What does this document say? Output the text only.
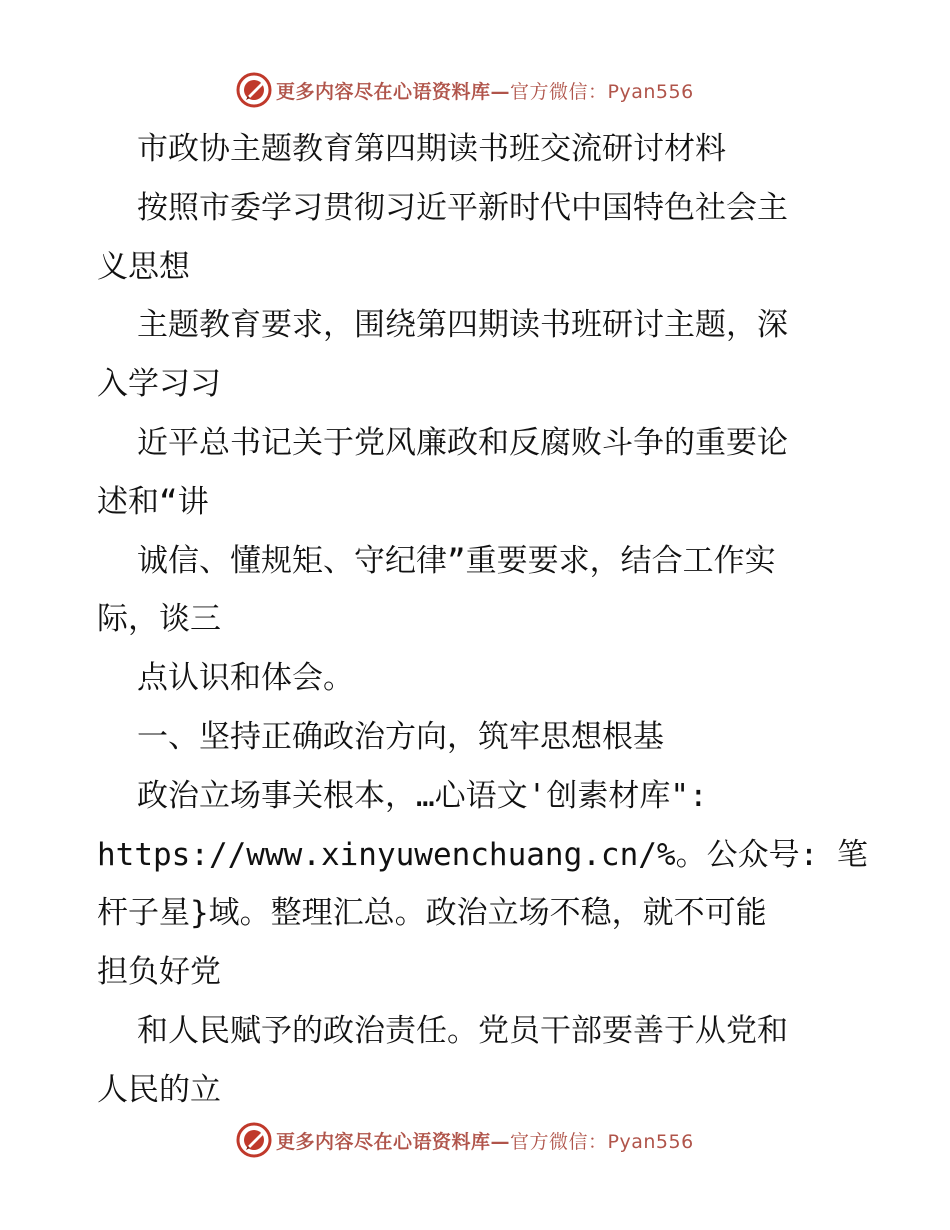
更多内容尽在心语资料库—官方微信：Pyan556
市政协主题教育第四期读书班交流研讨材料
按照市委学习贯彻习近平新时代中国特色社会主
义思想
主题教育要求，围绕第四期读书班研讨主题，深
入学习习
近平总书记关于党风廉政和反腐败斗争的重要论
述和“讲
诚信、懂规矩、守纪律”重要要求，结合工作实
际，谈三
点认识和体会。
一、坚持正确政治方向，筑牢思想根基
政治立场事关根本，…心语文'创素材库":
https://www.xinyuwenchuang.cn/%。公众号: 笔
杆子星}域。整理汇总。政治立场不稳，就不可能
担负好党
和人民赋予的政治责任。党员干部要善于从党和
人民的立
更多内容尽在心语资料库—官方微信：Pyan556
